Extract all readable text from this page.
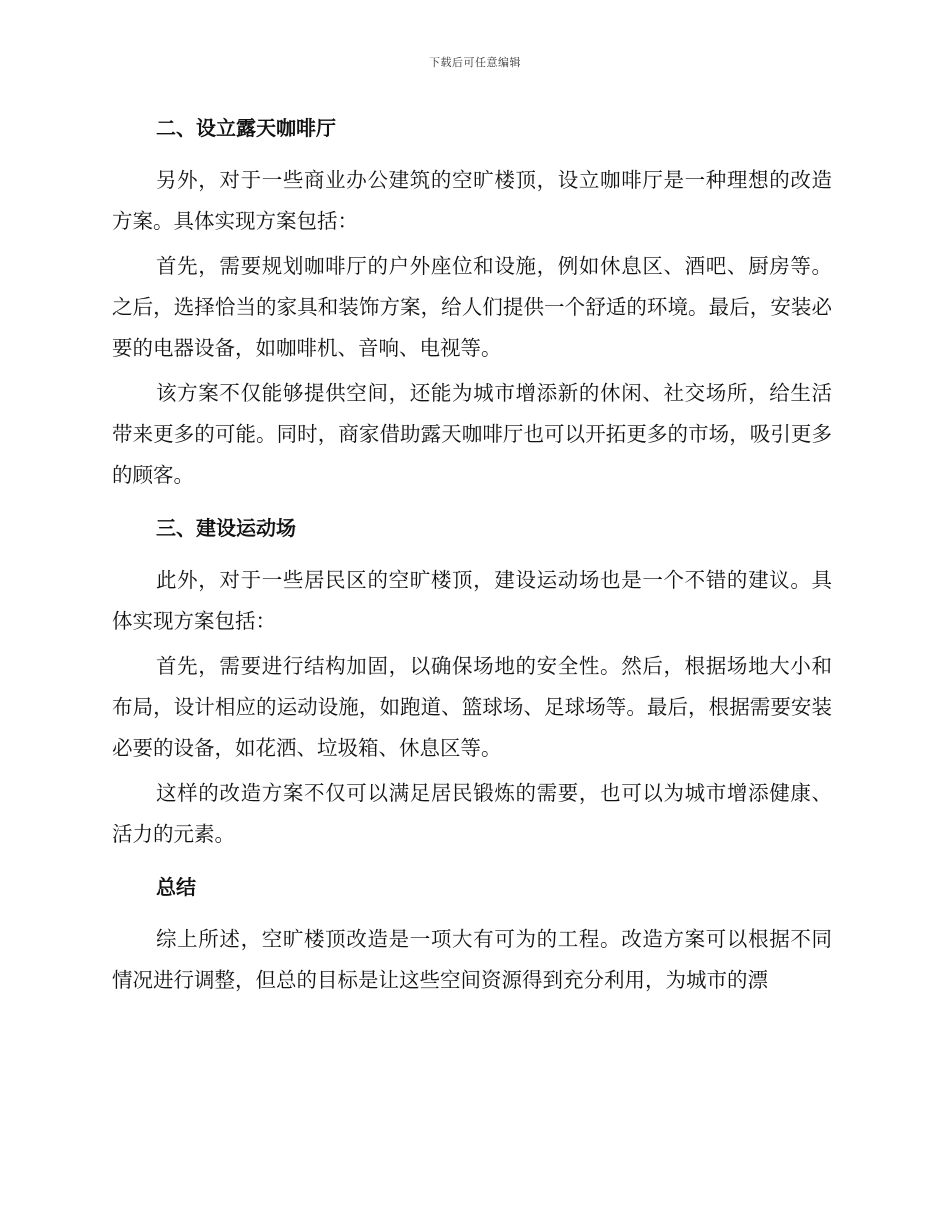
下载后可任意编辑
二、设立露天咖啡厅

另外，对于一些商业办公建筑的空旷楼顶，设立咖啡厅是一种理想的改造方案。具体实现方案包括：

首先，需要规划咖啡厅的户外座位和设施，例如休息区、酒吧、厨房等。之后，选择恰当的家具和装饰方案，给人们提供一个舒适的环境。最后，安装必要的电器设备，如咖啡机、音响、电视等。

该方案不仅能够提供空间，还能为城市增添新的休闲、社交场所，给生活带来更多的可能。同时，商家借助露天咖啡厅也可以开拓更多的市场，吸引更多的顾客。

三、建设运动场

此外，对于一些居民区的空旷楼顶，建设运动场也是一个不错的建议。具体实现方案包括：

首先，需要进行结构加固，以确保场地的安全性。然后，根据场地大小和布局，设计相应的运动设施，如跑道、篮球场、足球场等。最后，根据需要安装必要的设备，如花洒、垃圾箱、休息区等。

这样的改造方案不仅可以满足居民锻炼的需要，也可以为城市增添健康、活力的元素。

总结

综上所述，空旷楼顶改造是一项大有可为的工程。改造方案可以根据不同情况进行调整，但总的目标是让这些空间资源得到充分利用，为城市的漂
